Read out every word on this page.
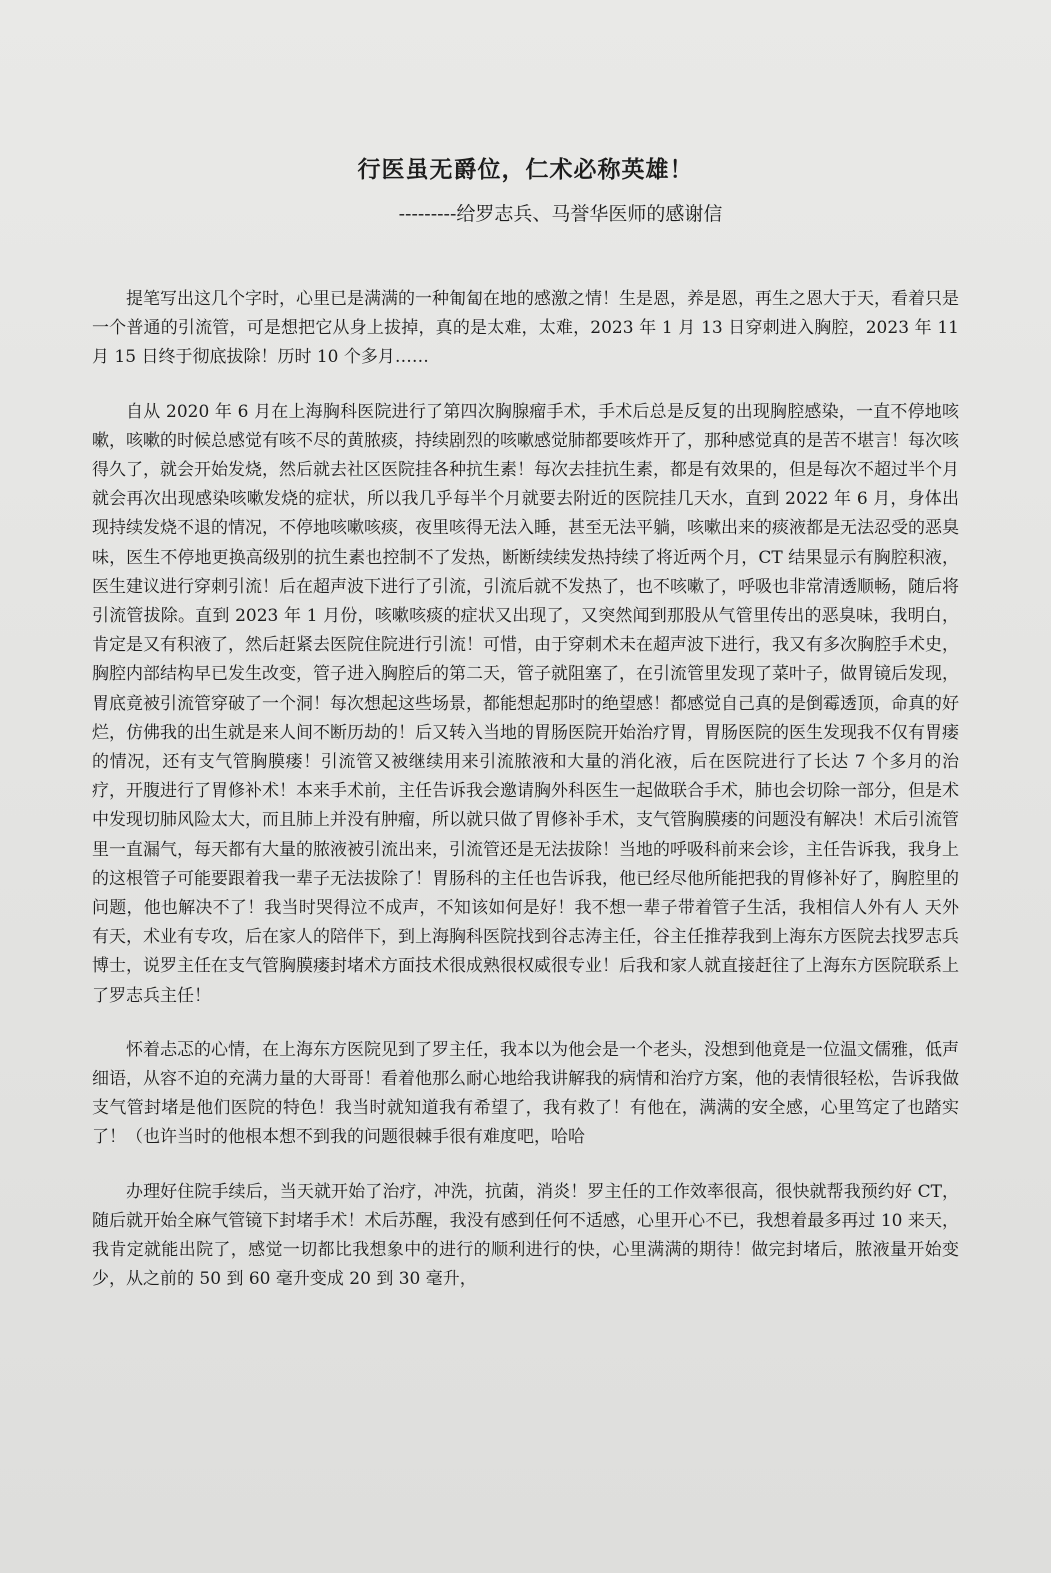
行医虽无爵位，仁术必称英雄！
---------给罗志兵、马誉华医师的感谢信

提笔写出这几个字时，心里已是满满的一种匍匐在地的感激之情！生是恩，养是恩，再生之恩大于天，看着只是一个普通的引流管，可是想把它从身上拔掉，真的是太难，太难，2023 年 1 月 13 日穿刺进入胸腔，2023 年 11 月 15 日终于彻底拔除！历时 10 个多月……

自从 2020 年 6 月在上海胸科医院进行了第四次胸腺瘤手术，手术后总是反复的出现胸腔感染，一直不停地咳嗽，咳嗽的时候总感觉有咳不尽的黄脓痰，持续剧烈的咳嗽感觉肺都要咳炸开了，那种感觉真的是苦不堪言！每次咳得久了，就会开始发烧，然后就去社区医院挂各种抗生素！每次去挂抗生素，都是有效果的，但是每次不超过半个月就会再次出现感染咳嗽发烧的症状，所以我几乎每半个月就要去附近的医院挂几天水，直到 2022 年 6 月，身体出现持续发烧不退的情况，不停地咳嗽咳痰，夜里咳得无法入睡，甚至无法平躺，咳嗽出来的痰液都是无法忍受的恶臭味，医生不停地更换高级别的抗生素也控制不了发热，断断续续发热持续了将近两个月，CT 结果显示有胸腔积液，医生建议进行穿刺引流！后在超声波下进行了引流，引流后就不发热了，也不咳嗽了，呼吸也非常清透顺畅，随后将引流管拔除。直到 2023 年 1 月份，咳嗽咳痰的症状又出现了，又突然闻到那股从气管里传出的恶臭味，我明白，肯定是又有积液了，然后赶紧去医院住院进行引流！可惜，由于穿刺术未在超声波下进行，我又有多次胸腔手术史，胸腔内部结构早已发生改变，管子进入胸腔后的第二天，管子就阻塞了，在引流管里发现了菜叶子，做胃镜后发现，胃底竟被引流管穿破了一个洞！每次想起这些场景，都能想起那时的绝望感！都感觉自己真的是倒霉透顶，命真的好烂，仿佛我的出生就是来人间不断历劫的！后又转入当地的胃肠医院开始治疗胃，胃肠医院的医生发现我不仅有胃瘘的情况，还有支气管胸膜瘘！引流管又被继续用来引流脓液和大量的消化液，后在医院进行了长达 7 个多月的治疗，开腹进行了胃修补术！本来手术前，主任告诉我会邀请胸外科医生一起做联合手术，肺也会切除一部分，但是术中发现切肺风险太大，而且肺上并没有肿瘤，所以就只做了胃修补手术，支气管胸膜瘘的问题没有解决！术后引流管里一直漏气，每天都有大量的脓液被引流出来，引流管还是无法拔除！当地的呼吸科前来会诊，主任告诉我，我身上的这根管子可能要跟着我一辈子无法拔除了！胃肠科的主任也告诉我，他已经尽他所能把我的胃修补好了，胸腔里的问题，他也解决不了！我当时哭得泣不成声，不知该如何是好！我不想一辈子带着管子生活，我相信人外有人 天外有天，术业有专攻，后在家人的陪伴下，到上海胸科医院找到谷志涛主任，谷主任推荐我到上海东方医院去找罗志兵博士，说罗主任在支气管胸膜瘘封堵术方面技术很成熟很权威很专业！后我和家人就直接赶往了上海东方医院联系上了罗志兵主任！

怀着忐忑的心情，在上海东方医院见到了罗主任，我本以为他会是一个老头，没想到他竟是一位温文儒雅，低声细语，从容不迫的充满力量的大哥哥！看着他那么耐心地给我讲解我的病情和治疗方案，他的表情很轻松，告诉我做支气管封堵是他们医院的特色！我当时就知道我有希望了，我有救了！有他在，满满的安全感，心里笃定了也踏实了！（也许当时的他根本想不到我的问题很棘手很有难度吧，哈哈

办理好住院手续后，当天就开始了治疗，冲洗，抗菌，消炎！罗主任的工作效率很高，很快就帮我预约好 CT，随后就开始全麻气管镜下封堵手术！术后苏醒，我没有感到任何不适感，心里开心不已，我想着最多再过 10 来天，我肯定就能出院了，感觉一切都比我想象中的进行的顺利进行的快，心里满满的期待！做完封堵后，脓液量开始变少，从之前的 50 到 60 毫升变成 20 到 30 毫升，
